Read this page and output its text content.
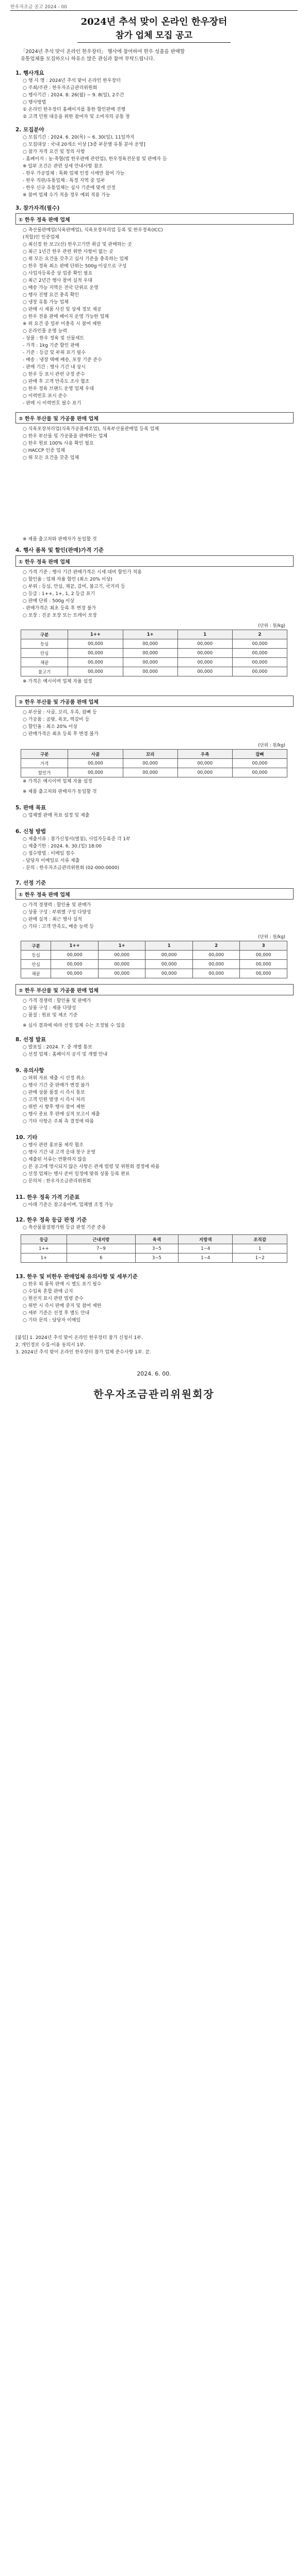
한우자조금 공고 2024 - 00
2024년 추석 맞이 온라인 한우장터
참가 업체 모집 공고
「2024년 추석 맞이 온라인 한우장터」 행사에 참여하여 한우 성출을 판매할
유통업체를 모집하오니 하유소 많은 관심과 참여 부탁드립니다.
1. 행사개요
○ 행 사 명 : 2024년 추석 맞이 온라인 한우장터
○ 주최/주관 : 한우자조금관리위원회
○ 행사기간 : 2024. 8. 26(월) ~ 9. 8(일), 2주간
○ 행사방법
① 온라인 한우장터 홈페이지를 통한 할인판매 진행
② 고객 민원 대응을 위한 참여자 및 소비자의 공통 창
2. 모집분야
○ 모집기간 : 2024. 6. 20(목) ~ 6. 30(일), 11일까지
○ 모집대상 : 국내 20개소 이상 [3종 부문별 유통 분야 운영]
○ 참가 자격 요건 및 정의 사항
- 홈페이지 : 농·축협(법 한우판매 관련업), 한우정육전문점 및 판매자 등
※ 일부 조건은 관련 상세 안내사항 참조
- 한우 가공업체 : 특화 업체 인정 시에만 참여 가능
- 한우 직판/유통업체 : 특정 지역 중 일부
- 한우 신규 유통업체는 심사 기준에 맞게 선정
※ 참여 업체 수가 적을 경우 예외 적용 가능
3. 참가자격(필수)
① 한우 정육 판매 업체
○ 축산물판매업(식육판매업), 식육포장처리업 등록 및 한우정육(ICC)
(적합)인 인증업체
○ 최신정 한 보고(산) 한우고기만 취급 및 판매하는 곳
○ 최근 1년간 한우 관련 위반 사항이 없는 곳
○ 위 모든 요건을 갖추고 심사 기준을 충족하는 업체
○ 한우 정육 최소 판매 단위는 500g 이상으로 구성
○ 사업자등록증 상 업종 확인 필요
○ 최근 2년간 행사 참여 실적 우대
○ 배송 가능 지역은 전국 단위로 운영
○ 행사 진행 요건 충족 확인
○ 냉장 유통 가능 업체
○ 판매 시 제품 사진 및 상세 정보 제공
○ 한우 전용 판매 페이지 운영 가능한 업체
※ 위 요건 중 일부 미충족 시 참여 제한
○ 온라인몰 운영 능력
- 상품 : 한우 정육 및 선물세트
- 가격 : 1kg 기준 할인 판매
- 기준 : 등급 및 부위 표기 필수
- 배송 : 냉장 택배 배송, 포장 기준 준수
- 판매 기간 : 행사 기간 내 상시
○ 한우 등 표시 관련 규정 준수
○ 판매 후 고객 만족도 조사 협조
○ 한우 정육 브랜드 운영 업체 우대
○ 이력번호 표시 준수
- 판매 시 이력번호 필수 표기
② 한우 부산물 및 가공품 판매 업체
○ 식육포장처리업(식육가공품제조업), 식육부산물판매업 등록 업체
○ 한우 부산물 및 가공품을 판매하는 업체
○ 한우 원료 100% 사용 확인 필요
○ HACCP 인증 업체
○ 위 모든 요건을 갖춘 업체
※ 제품 출고처와 판매자가 동일할 것
4. 행사 품목 및 할인(판매)가격 기준
① 한우 정육 판매 업체
○ 가격 기준 : 행사 기간 판매가격은 시세 대비 할인가 적용
○ 할인율 : 업체 자율 할인 (최소 20% 이상)
○ 부위 : 등심, 안심, 채끝, 갈비, 불고기, 국거리 등
○ 등급 : 1++, 1+, 1, 2 등급 표기
○ 판매 단위 : 500g 이상
- 판매가격은 최초 등록 후 변경 불가
○ 포장 : 진공 포장 또는 트레이 포장
(단위 : 원/kg)
구분	1++	1+	1	2
등심	00,000	00,000	00,000	00,000
안심	00,000	00,000	00,000	00,000
채끝	00,000	00,000	00,000	00,000
불고기	00,000	00,000	00,000	00,000
※ 가격은 예시이며 업체 자율 설정
② 한우 부산물 및 가공품 판매 업체
○ 부산물 : 사골, 꼬리, 우족, 잡뼈 등
○ 가공품 : 곰탕, 육포, 떡갈비 등
○ 할인율 : 최소 20% 이상
○ 판매가격은 최초 등록 후 변경 불가
(단위 : 원/kg)
구분	사골	꼬리	우족	잡뼈
가격	00,000	00,000	00,000	00,000
할인가	00,000	00,000	00,000	00,000
※ 가격은 예시이며 업체 자율 설정
※ 제품 출고처와 판매자가 동일할 것
5. 판매 목표
○ 업체별 판매 목표 설정 및 제출
6. 신청 방법
○ 제출서류 : 참가신청서(별첨), 사업자등록증 각 1부
○ 제출기한 : 2024. 6. 30.(일) 18:00
○ 접수방법 : 이메일 접수
- 담당자 이메일로 서류 제출
- 문의 : 한우자조금관리위원회 (02-000-0000)
7. 선정 기준
① 한우 정육 판매 업체
○ 가격 경쟁력 : 할인율 및 판매가
○ 상품 구성 : 부위별 구성 다양성
○ 판매 실적 : 최근 행사 실적
○ 기타 : 고객 만족도, 배송 능력 등
(단위 : 원/kg)
구분	1++	1+	1	2	3
등심	00,000	00,000	00,000	00,000	00,000
안심	00,000	00,000	00,000	00,000	00,000
채끝	00,000	00,000	00,000	00,000	00,000
② 한우 부산물 및 가공품 판매 업체
○ 가격 경쟁력 : 할인율 및 판매가
○ 상품 구성 : 제품 다양성
○ 품질 : 원료 및 제조 기준
※ 심사 결과에 따라 선정 업체 수는 조정될 수 있음
8. 선정 발표
○ 발표일 : 2024. 7. 중 개별 통보
○ 선정 업체 : 홈페이지 공지 및 개별 안내
9. 유의사항
○ 허위 자료 제출 시 선정 취소
○ 행사 기간 중 판매가 변경 불가
○ 판매 상품 품절 시 즉시 통보
○ 고객 민원 발생 시 즉시 처리
○ 위반 시 향후 행사 참여 제한
○ 행사 종료 후 판매 실적 보고서 제출
○ 기타 사항은 주최 측 결정에 따름
10. 기타
○ 행사 관련 홍보물 제작 협조
○ 행사 기간 내 고객 응대 창구 운영
○ 제출된 서류는 반환하지 않음
○ 본 공고에 명시되지 않은 사항은 관계 법령 및 위원회 결정에 따름
○ 선정 업체는 행사 준비 일정에 맞춰 상품 등록 완료
○ 문의처 : 한우자조금관리위원회
11. 한우 정육 가격 기준표
○ 아래 기준은 참고용이며, 업체별 조정 가능
12. 한우 정육 등급 판정 기준
○ 축산물품질평가원 등급 판정 기준 준용
등급	근내지방	육색	지방색	조직감
1++	7~9	3~5	1~4	1
1+	6	3~5	1~4	1~2
13. 한우 및 비한우 판매업체 유의사항 및 세부기준
○ 한우 외 품목 판매 시 별도 표기 필수
○ 수입육 혼합 판매 금지
○ 원산지 표시 관련 법령 준수
○ 위반 시 즉시 판매 중지 및 참여 제한
○ 세부 기준은 선정 후 별도 안내
○ 기타 문의 : 담당자 이메일
[붙임] 1. 2024년 추석 맞이 온라인 한우장터 참가 신청서 1부.
2. 개인정보 수집·이용 동의서 1부.
3. 2024년 추석 맞이 온라인 한우장터 참가 업체 준수사항 1부. 끝.
2024. 6. 00.
한우자조금관리위원회장
